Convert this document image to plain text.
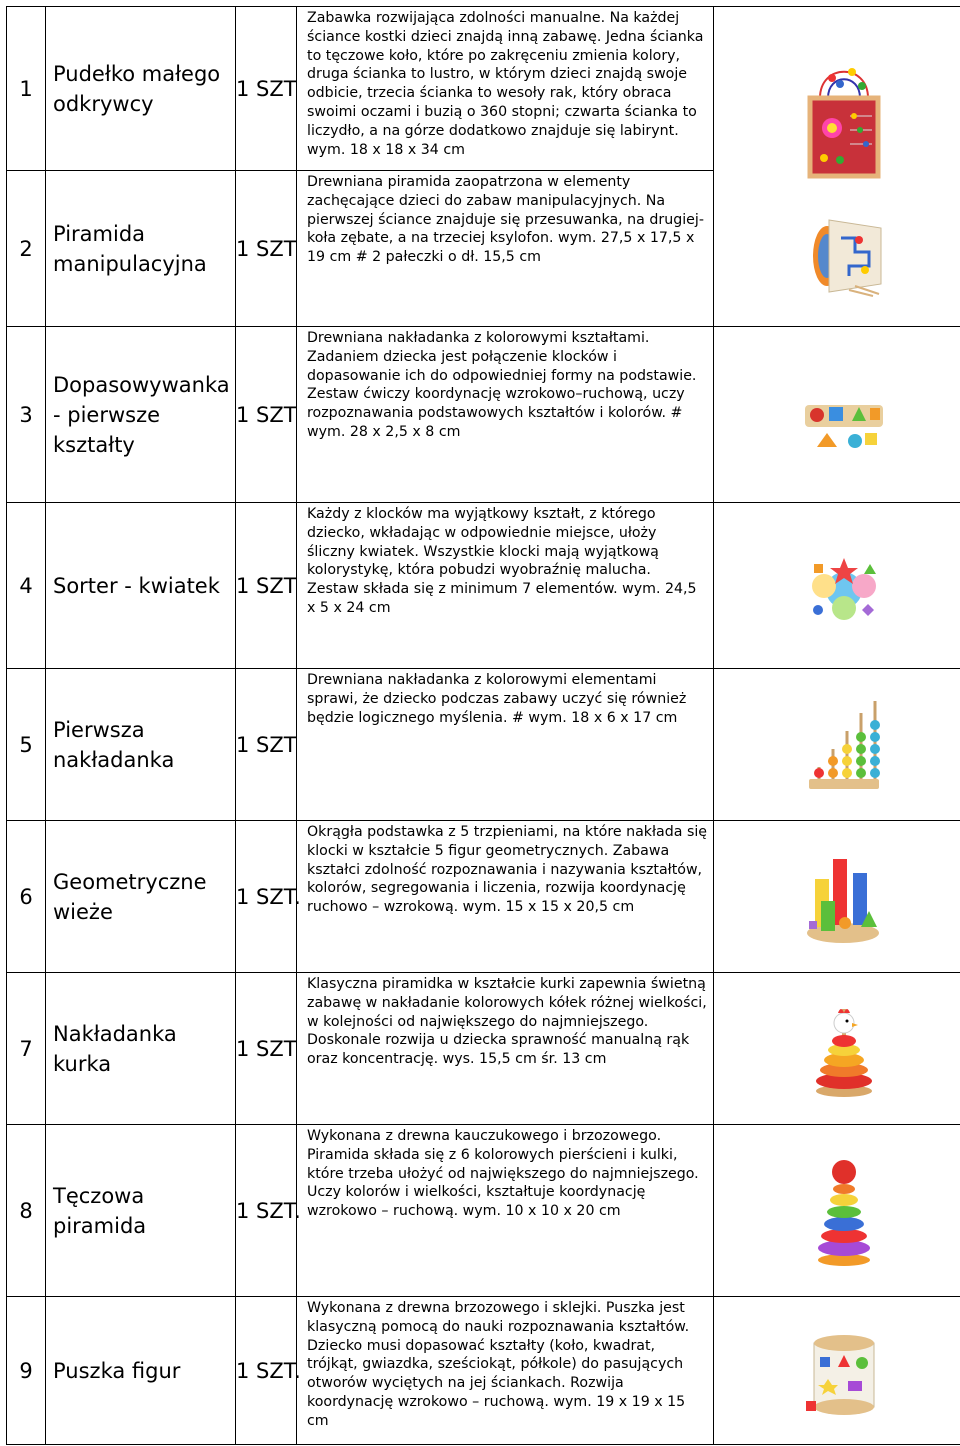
1	Pudełko małego odkrywcy	1 SZT	Zabawka rozwijająca zdolności manualne. Na każdej ściance kostki dzieci znajdą inną zabawę. Jedna ścianka to tęczowe koło, które po zakręceniu zmienia kolory, druga ścianka to lustro, w którym dzieci znajdą swoje odbicie, trzecia ścianka to wesoły rak, który obraca swoimi oczami i buzią o 360 stopni; czwarta ścianka to liczydło, a na górze dodatkowo znajduje się labirynt. wym. 18 x 18 x 34 cm	

2	Piramida manipulacyjna	1 SZT	Drewniana piramida zaopatrzona w elementy zachęcające dzieci do zabaw manipulacyjnych. Na pierwszej ściance znajduje się przesuwanka, na drugiej- koła zębate, a na trzeciej ksylofon. wym. 27,5 x 17,5 x 19 cm # 2 pałeczki o dł. 15,5 cm	
3	Dopasowywanka - pierwsze kształty	1 SZT	Drewniana nakładanka z kolorowymi kształtami. Zadaniem dziecka jest połączenie klocków i dopasowanie ich do odpowiedniej formy na podstawie. Zestaw ćwiczy koordynację wzrokowo–ruchową, uczy rozpoznawania podstawowych kształtów i kolorów. # wym. 28 x 2,5 x 8 cm	

4	Sorter - kwiatek	1 SZT	Każdy z klocków ma wyjątkowy kształt, z którego dziecko, wkładając w odpowiednie miejsce, ułoży śliczny kwiatek. Wszystkie klocki mają wyjątkową kolorystykę, która pobudzi wyobraźnię malucha. Zestaw składa się z minimum 7 elementów. wym. 24,5 x 5 x 24 cm	

5	Pierwsza nakładanka	1 SZT	Drewniana nakładanka z kolorowymi elementami sprawi, że dziecko podczas zabawy uczyć się również będzie logicznego myślenia. # wym. 18 x 6 x 17 cm	

6	Geometryczne wieże	1 SZT.	Okrągła podstawka z 5 trzpieniami, na które nakłada się klocki w kształcie 5 figur geometrycznych. Zabawa kształci zdolność rozpoznawania i nazywania kształtów, kolorów, segregowania i liczenia, rozwija koordynację ruchowo – wzrokową. wym. 15 x 15 x 20,5 cm	

7	Nakładanka kurka	1 SZT	Klasyczna piramidka w kształcie kurki zapewnia świetną zabawę w nakładanie kolorowych kółek różnej wielkości, w kolejności od największego do najmniejszego. Doskonale rozwija u dziecka sprawność manualną rąk oraz koncentrację. wys. 15,5 cm śr. 13 cm	

8	Tęczowa piramida	1 SZT.	Wykonana z drewna kauczukowego i brzozowego. Piramida składa się z 6 kolorowych pierścieni i kulki, które trzeba ułożyć od największego do najmniejszego. Uczy kolorów i wielkości, kształtuje koordynację wzrokowo – ruchową. wym. 10 x 10 x 20 cm	

9	Puszka figur	1 SZT.	Wykonana z drewna brzozowego i sklejki. Puszka jest klasyczną pomocą do nauki rozpoznawania kształtów. Dziecko musi dopasować kształty (koło, kwadrat, trójkąt, gwiazdka, sześciokąt, półkole) do pasujących otworów wyciętych na jej ściankach. Rozwija koordynację wzrokowo – ruchową. wym. 19 x 19 x 15 cm	
